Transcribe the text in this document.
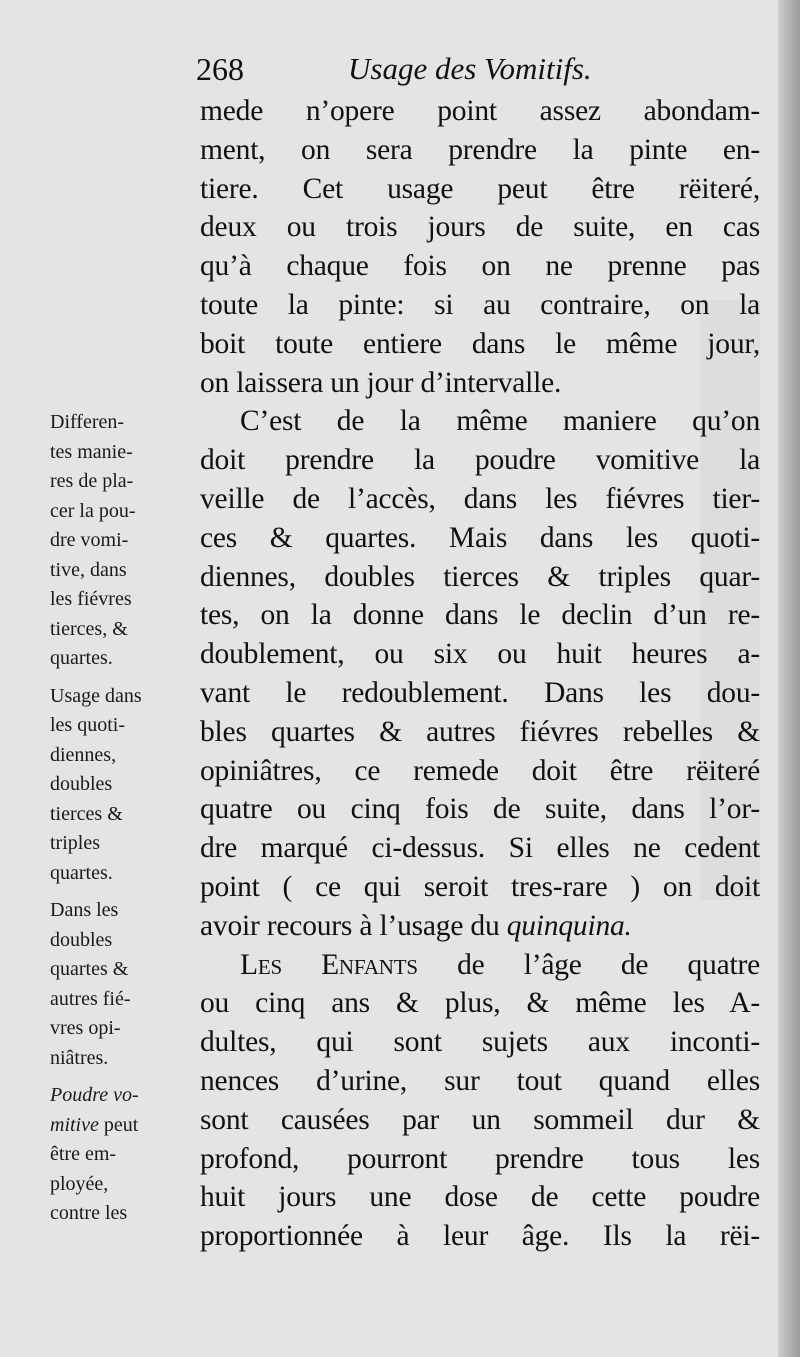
268	Usage des Vomitifs.
mede n’opere point assez abondam-
ment, on sera prendre la pinte en-
tiere. Cet usage peut être rëiteré,
deux ou trois jours de suite, en cas
qu’à chaque fois on ne prenne pas
toute la pinte: si au contraire, on la
boit toute entiere dans le même jour,
on laissera un jour d’intervalle.
C’est de la même maniere qu’on
doit prendre la poudre vomitive la
veille de l’accès, dans les fiévres tier-
ces & quartes. Mais dans les quoti-
diennes, doubles tierces & triples quar-
tes, on la donne dans le declin d’un re-
doublement, ou six ou huit heures a-
vant le redoublement. Dans les dou-
bles quartes & autres fiévres rebelles &
opiniâtres, ce remede doit être rëiteré
quatre ou cinq fois de suite, dans l’or-
dre marqué ci-dessus. Si elles ne cedent
point ( ce qui seroit tres-rare ) on doit
avoir recours à l’usage du quinquina.
Les Enfants de l’âge de quatre
ou cinq ans & plus, & même les A-
dultes, qui sont sujets aux inconti-
nences d’urine, sur tout quand elles
sont causées par un sommeil dur &
profond, pourront prendre tous les
huit jours une dose de cette poudre
proportionnée à leur âge. Ils la rëi-
Differen-
tes manie-
res de pla-
cer la pou-
dre vomi-
tive, dans
les fiévres
tierces, &
quartes.
Usage dans
les quoti-
diennes,
doubles
tierces &
triples
quartes.
Dans les
doubles
quartes &
autres fié-
vres opi-
niâtres.
Poudre vo-
mitive peut
être em-
ployée,
contre les
